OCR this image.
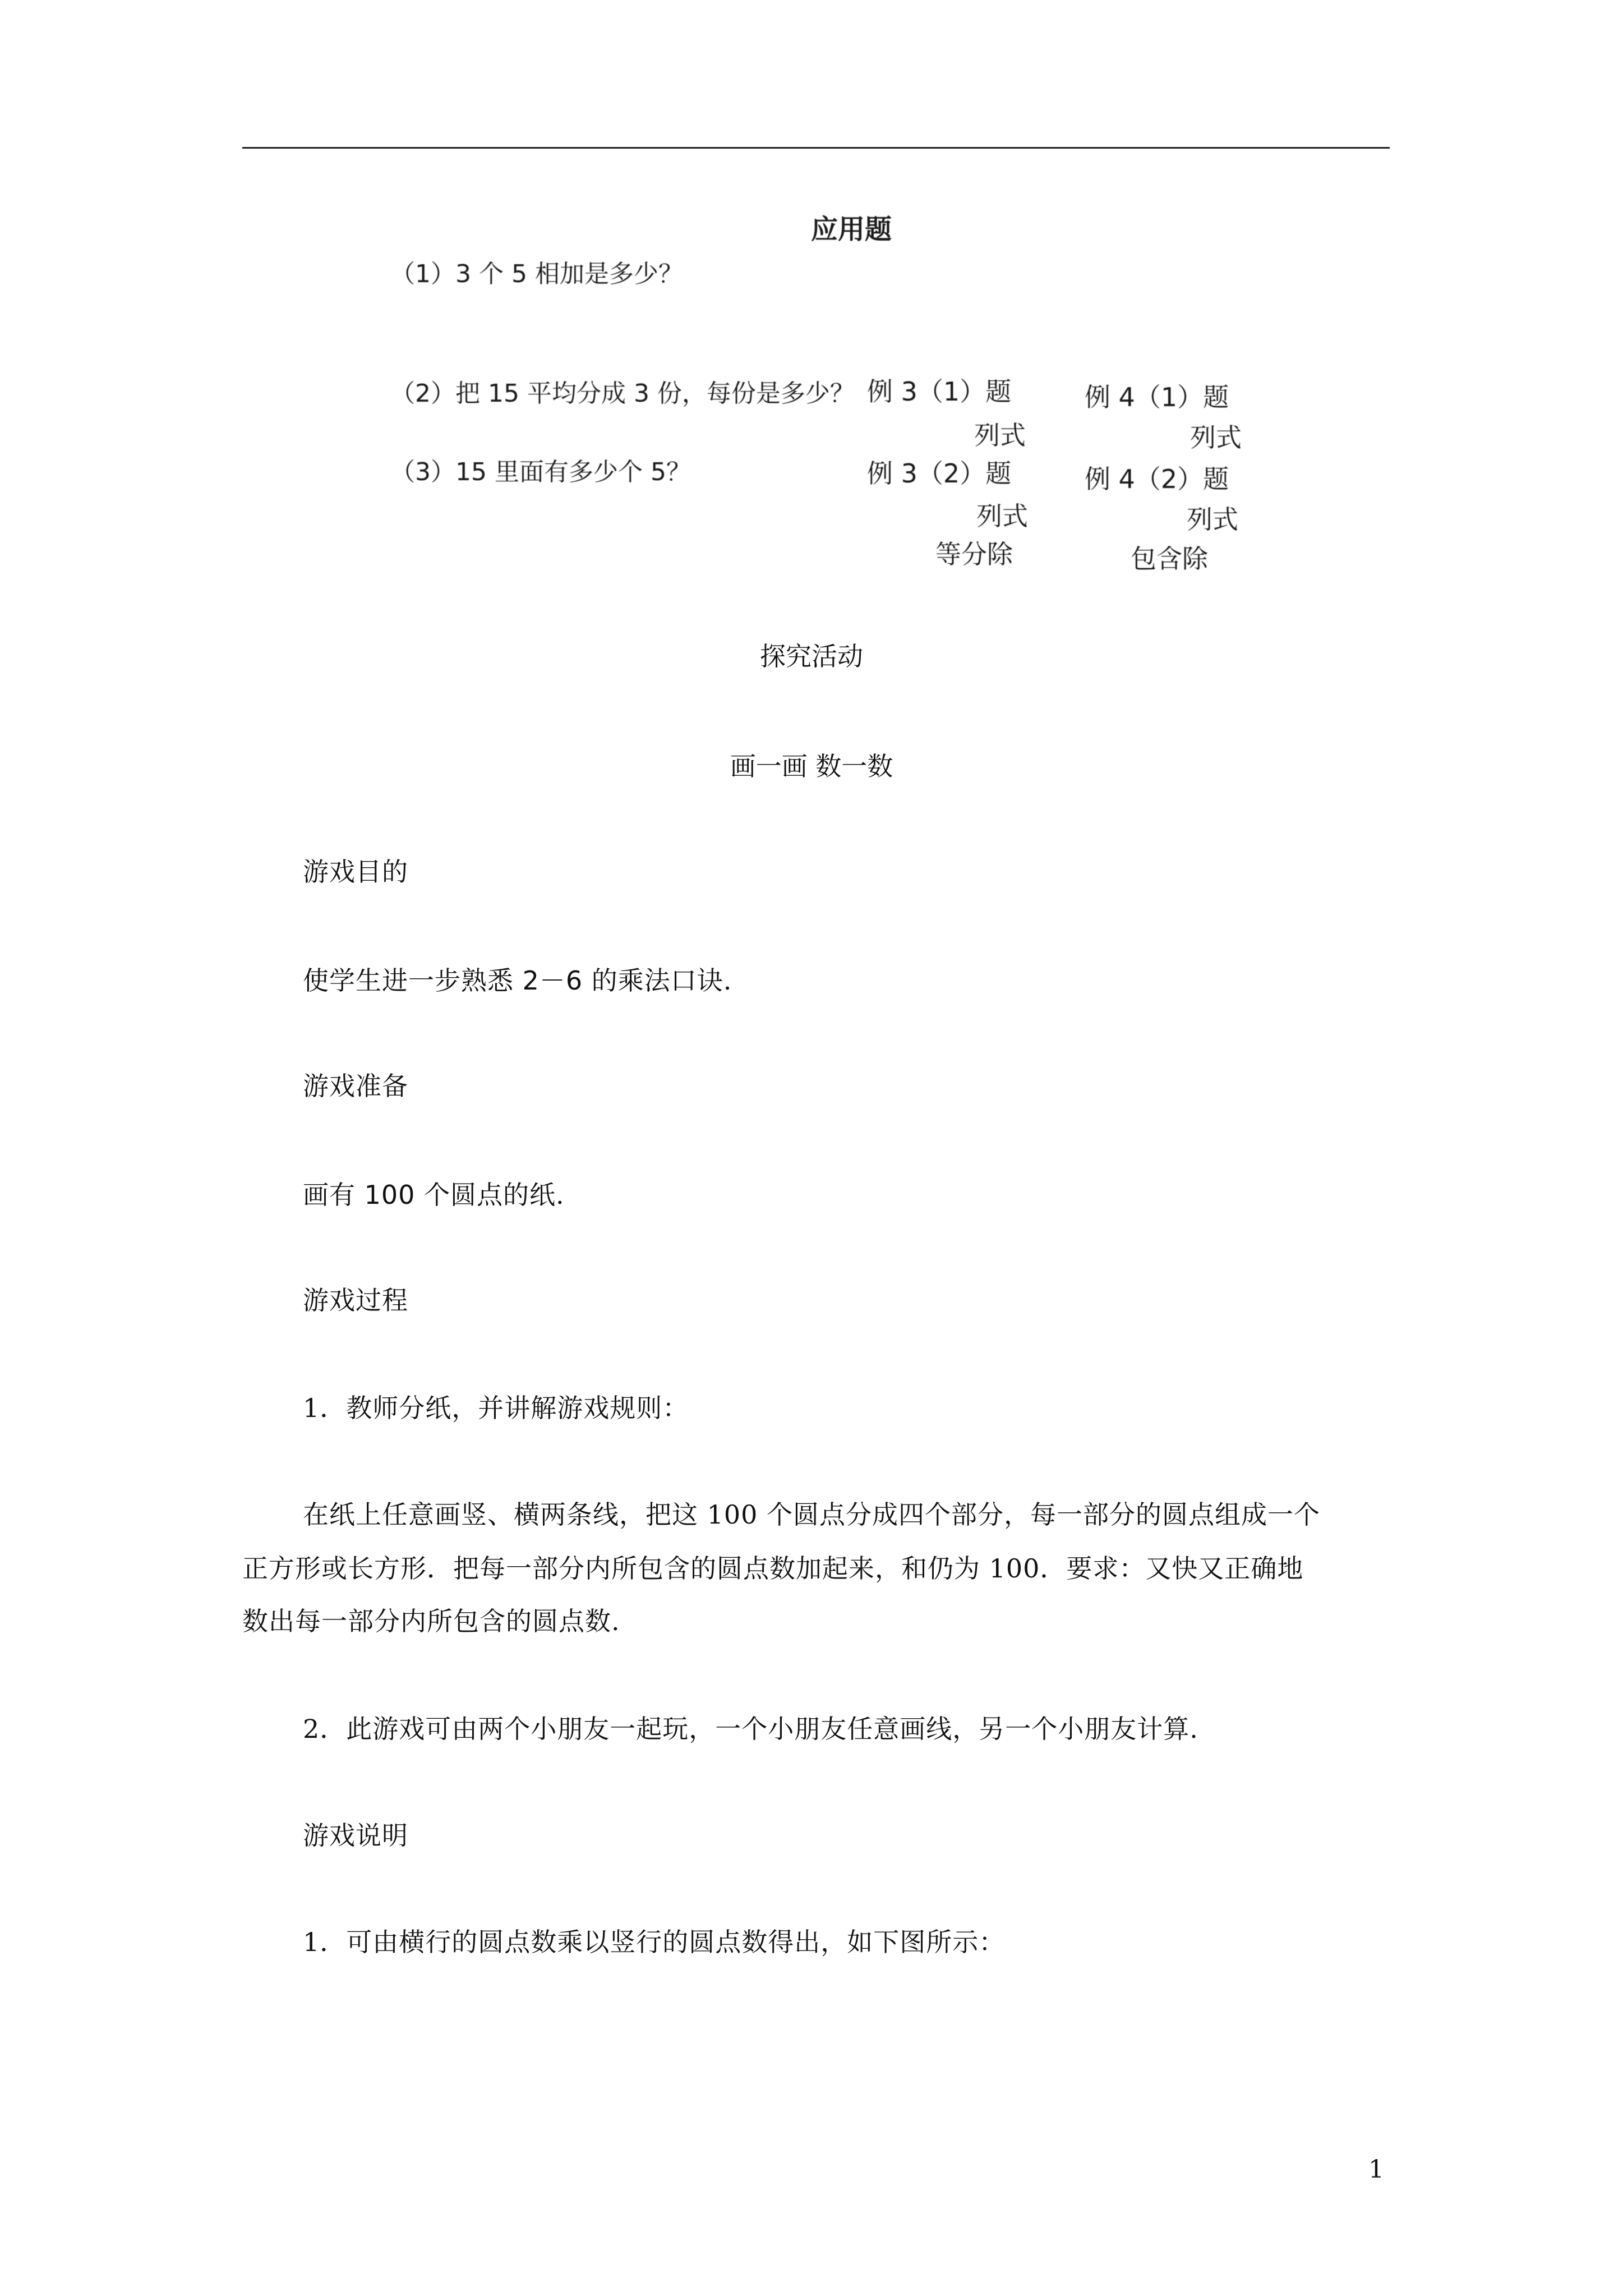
应用题
（1）3 个 5 相加是多少？
（2）把 15 平均分成 3 份，每份是多少？
（3）15 里面有多少个 5？
例 3（1）题	例 4（1）题
列式	列式
例 3（2）题	例 4（2）题
列式	列式
等分除	包含除
探究活动
画一画 数一数
游戏目的
使学生进一步熟悉 2－6 的乘法口诀.
游戏准备
画有 100 个圆点的纸.
游戏过程
1．教师分纸，并讲解游戏规则：
在纸上任意画竖、横两条线，把这 100 个圆点分成四个部分，每一部分的圆点组成一个
正方形或长方形．把每一部分内所包含的圆点数加起来，和仍为 100．要求：又快又正确地
数出每一部分内所包含的圆点数.
2．此游戏可由两个小朋友一起玩，一个小朋友任意画线，另一个小朋友计算.
游戏说明
1．可由横行的圆点数乘以竖行的圆点数得出，如下图所示：
1
